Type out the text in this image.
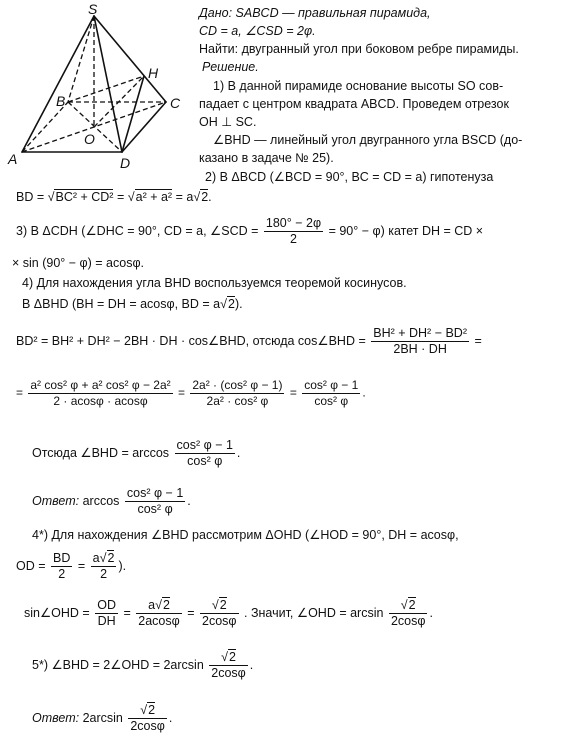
S
H
B	C
O
A	D
Дано: SABCD — правильная пирамида,
CD = a, ∠CSD = 2φ.
Найти: двугранный угол при боковом ребре пирамиды.
Решение.
1) В данной пирамиде основание высоты SO сов-
падает с центром квадрата ABCD. Проведем отрезок
OH ⊥ SC.
∠BHD — линейный угол двугранного угла BSCD (до-
казано в задаче № 25).
2) В ΔBCD (∠BCD = 90°, BC = CD = a) гипотенуза
BD = √BC² + CD² = √a² + a² = a√2.
3) В ΔCDH (∠DHC = 90°, CD = a, ∠SCD = $\frac{180^\circ - 2\varphi}{2} = 90^\circ - \varphi$) катет DH = CD ×
× sin (90° − φ) = acosφ.
4) Для нахождения угла BHD воспользуемся теоремой косинусов.
В ΔBHD (BH = DH = acosφ, BD = a√2).
BD² = BH² + DH² − 2BH · DH · cos∠BHD, отсюда cos∠BHD = $\frac{\text{BH² + DH² − BD²}}{2BH \cdot DH}$ =
= $\frac{\text{a² cos² φ + a² cos² φ − 2a²}}{2 \cdot acos\varphi \cdot acos\varphi} = \frac{\text{2a² · (cos² φ − 1)}}{\text{2a² · cos² φ}} = \frac{\text{cos² φ − 1}}{\text{cos² φ}}$ .
Отсюда ∠BHD = $\arccos \frac{\text{cos² φ − 1}}{\text{cos² φ}}$ .
Ответ: $\arccos \frac{\text{cos² φ − 1}}{\text{cos² φ}}$ .
4*) Для нахождения ∠BHD рассмотрим ΔOHD (∠HOD = 90°, DH = acosφ,
OD = $\frac{BD}{2} = \frac{a√2}{2}$ ).
sin∠OHD = $\frac{OD}{DH} = \frac{a√2}{2acos\varphi} = \frac{√2}{2\cos\varphi}$ . Значит, ∠OHD = $\arcsin \frac{√2}{2\cos\varphi}$ .
5*) ∠BHD = 2∠OHD = $2\arcsin \frac{√2}{2\cos\varphi}$ .
Ответ: $2\arcsin \frac{√2}{2\cos\varphi}$ .
